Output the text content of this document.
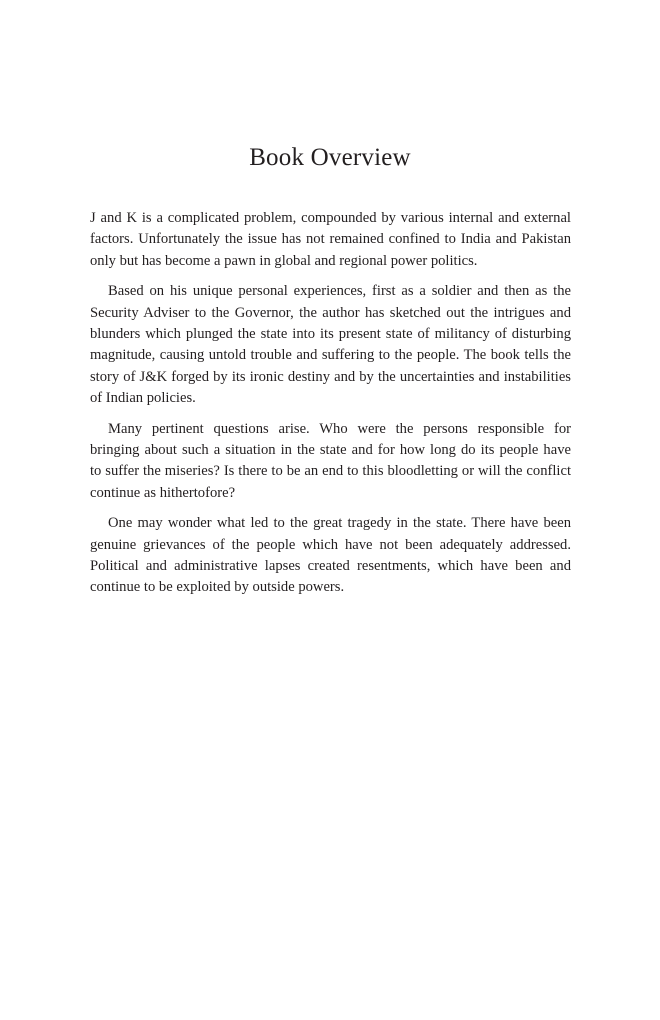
Book Overview
J and K is a complicated problem, compounded by various internal and external
factors. Unfortunately the issue has not remained confined to India and Pakistan
only but has become a pawn in global and regional power politics.
Based on his unique personal experiences, first as a soldier and then as the
Security Adviser to the Governor, the author has sketched out the intrigues and
blunders which plunged the state into its present state of militancy of disturbing
magnitude, causing untold trouble and suffering to the people. The book tells the
story of J&K forged by its ironic destiny and by the uncertainties and instabilities
of Indian policies.
Many pertinent questions arise. Who were the persons responsible for
bringing about such a situation in the state and for how long do its people have
to suffer the miseries? Is there to be an end to this bloodletting or will the conflict
continue as hithertofore?
One may wonder what led to the great tragedy in the state. There have been
genuine grievances of the people which have not been adequately addressed.
Political and administrative lapses created resentments, which have been and
continue to be exploited by outside powers.
